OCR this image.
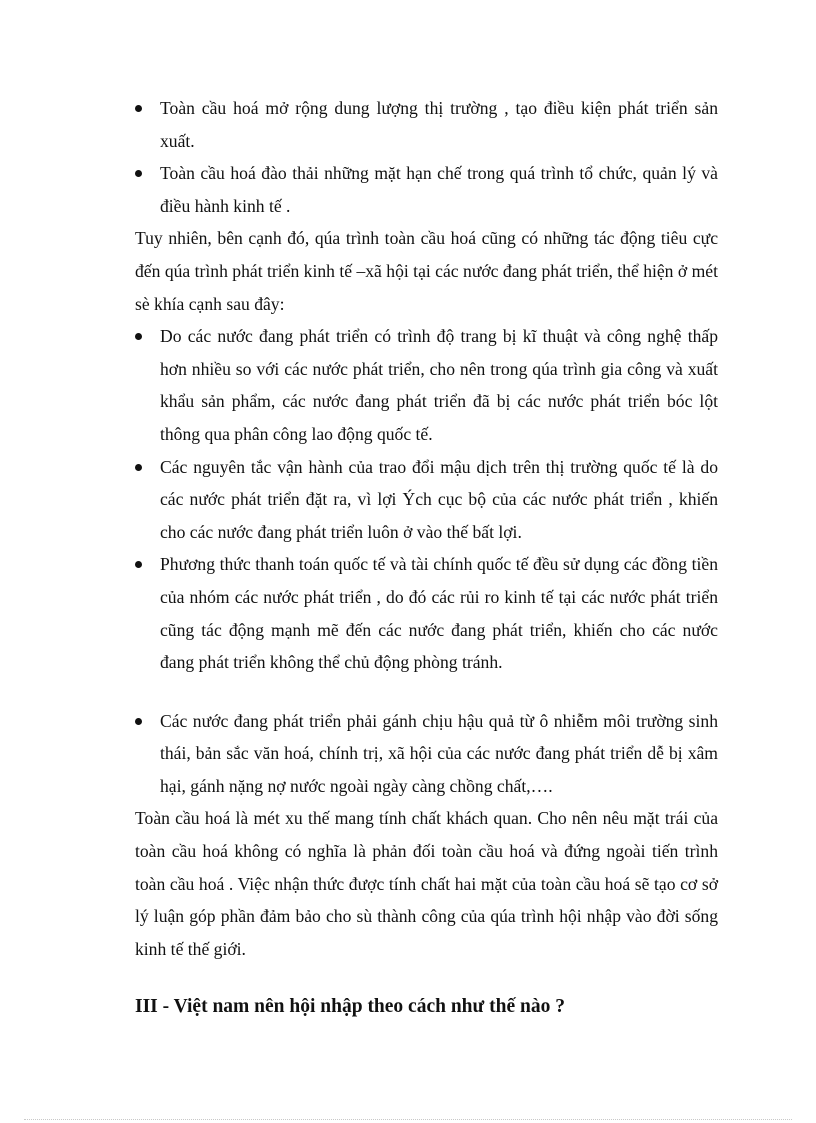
Toàn cầu hoá mở rộng dung lượng thị trường , tạo điều kiện phát triển sản xuất.
Toàn cầu hoá đào thải những mặt hạn chế trong quá trình tổ chức, quản lý và điều hành kinh tế .

Tuy nhiên, bên cạnh đó, qúa trình toàn cầu hoá cũng có những tác động tiêu cực đến qúa trình phát triển kinh tế –xã hội tại các nước đang phát triển, thể hiện ở mét sè khía cạnh sau đây:

Do các nước đang phát triển có trình độ trang bị kĩ thuật và công nghệ thấp hơn nhiều so với các nước phát triển, cho nên trong qúa trình gia công và xuất khẩu sản phẩm, các nước đang phát triển đã bị các nước phát triển bóc lột thông qua phân công lao động quốc tế.
Các nguyên tắc vận hành của trao đổi mậu dịch trên thị trường quốc tế là do các nước phát triển đặt ra, vì lợi Ých cục bộ của các nước phát triển , khiến cho các nước đang phát triển luôn ở vào thế bất lợi.
Phương thức thanh toán quốc tế và tài chính quốc tế đều sử dụng các đồng tiền của nhóm các nước phát triển , do đó các rủi ro kinh tế tại các nước phát triển cũng tác động mạnh mẽ đến các nước đang phát triển, khiến cho các nước đang phát triển không thể chủ động phòng tránh.
Các nước đang phát triển phải gánh chịu hậu quả từ ô nhiễm môi trường sinh thái, bản sắc văn hoá, chính trị, xã hội của các nước đang phát triển dễ bị xâm hại, gánh nặng nợ nước ngoài ngày càng chồng chất,….

Toàn cầu hoá là mét xu thế mang tính chất khách quan. Cho nên nêu mặt trái của toàn cầu hoá không có nghĩa là phản đối toàn cầu hoá và đứng ngoài tiến trình toàn cầu hoá . Việc nhận thức được tính chất hai mặt của toàn cầu hoá sẽ tạo cơ sở lý luận góp phần đảm bảo cho sù thành công của qúa trình hội nhập vào đời sống kinh tế thế giới.

III - Việt nam nên hội nhập theo cách như thế nào ?
